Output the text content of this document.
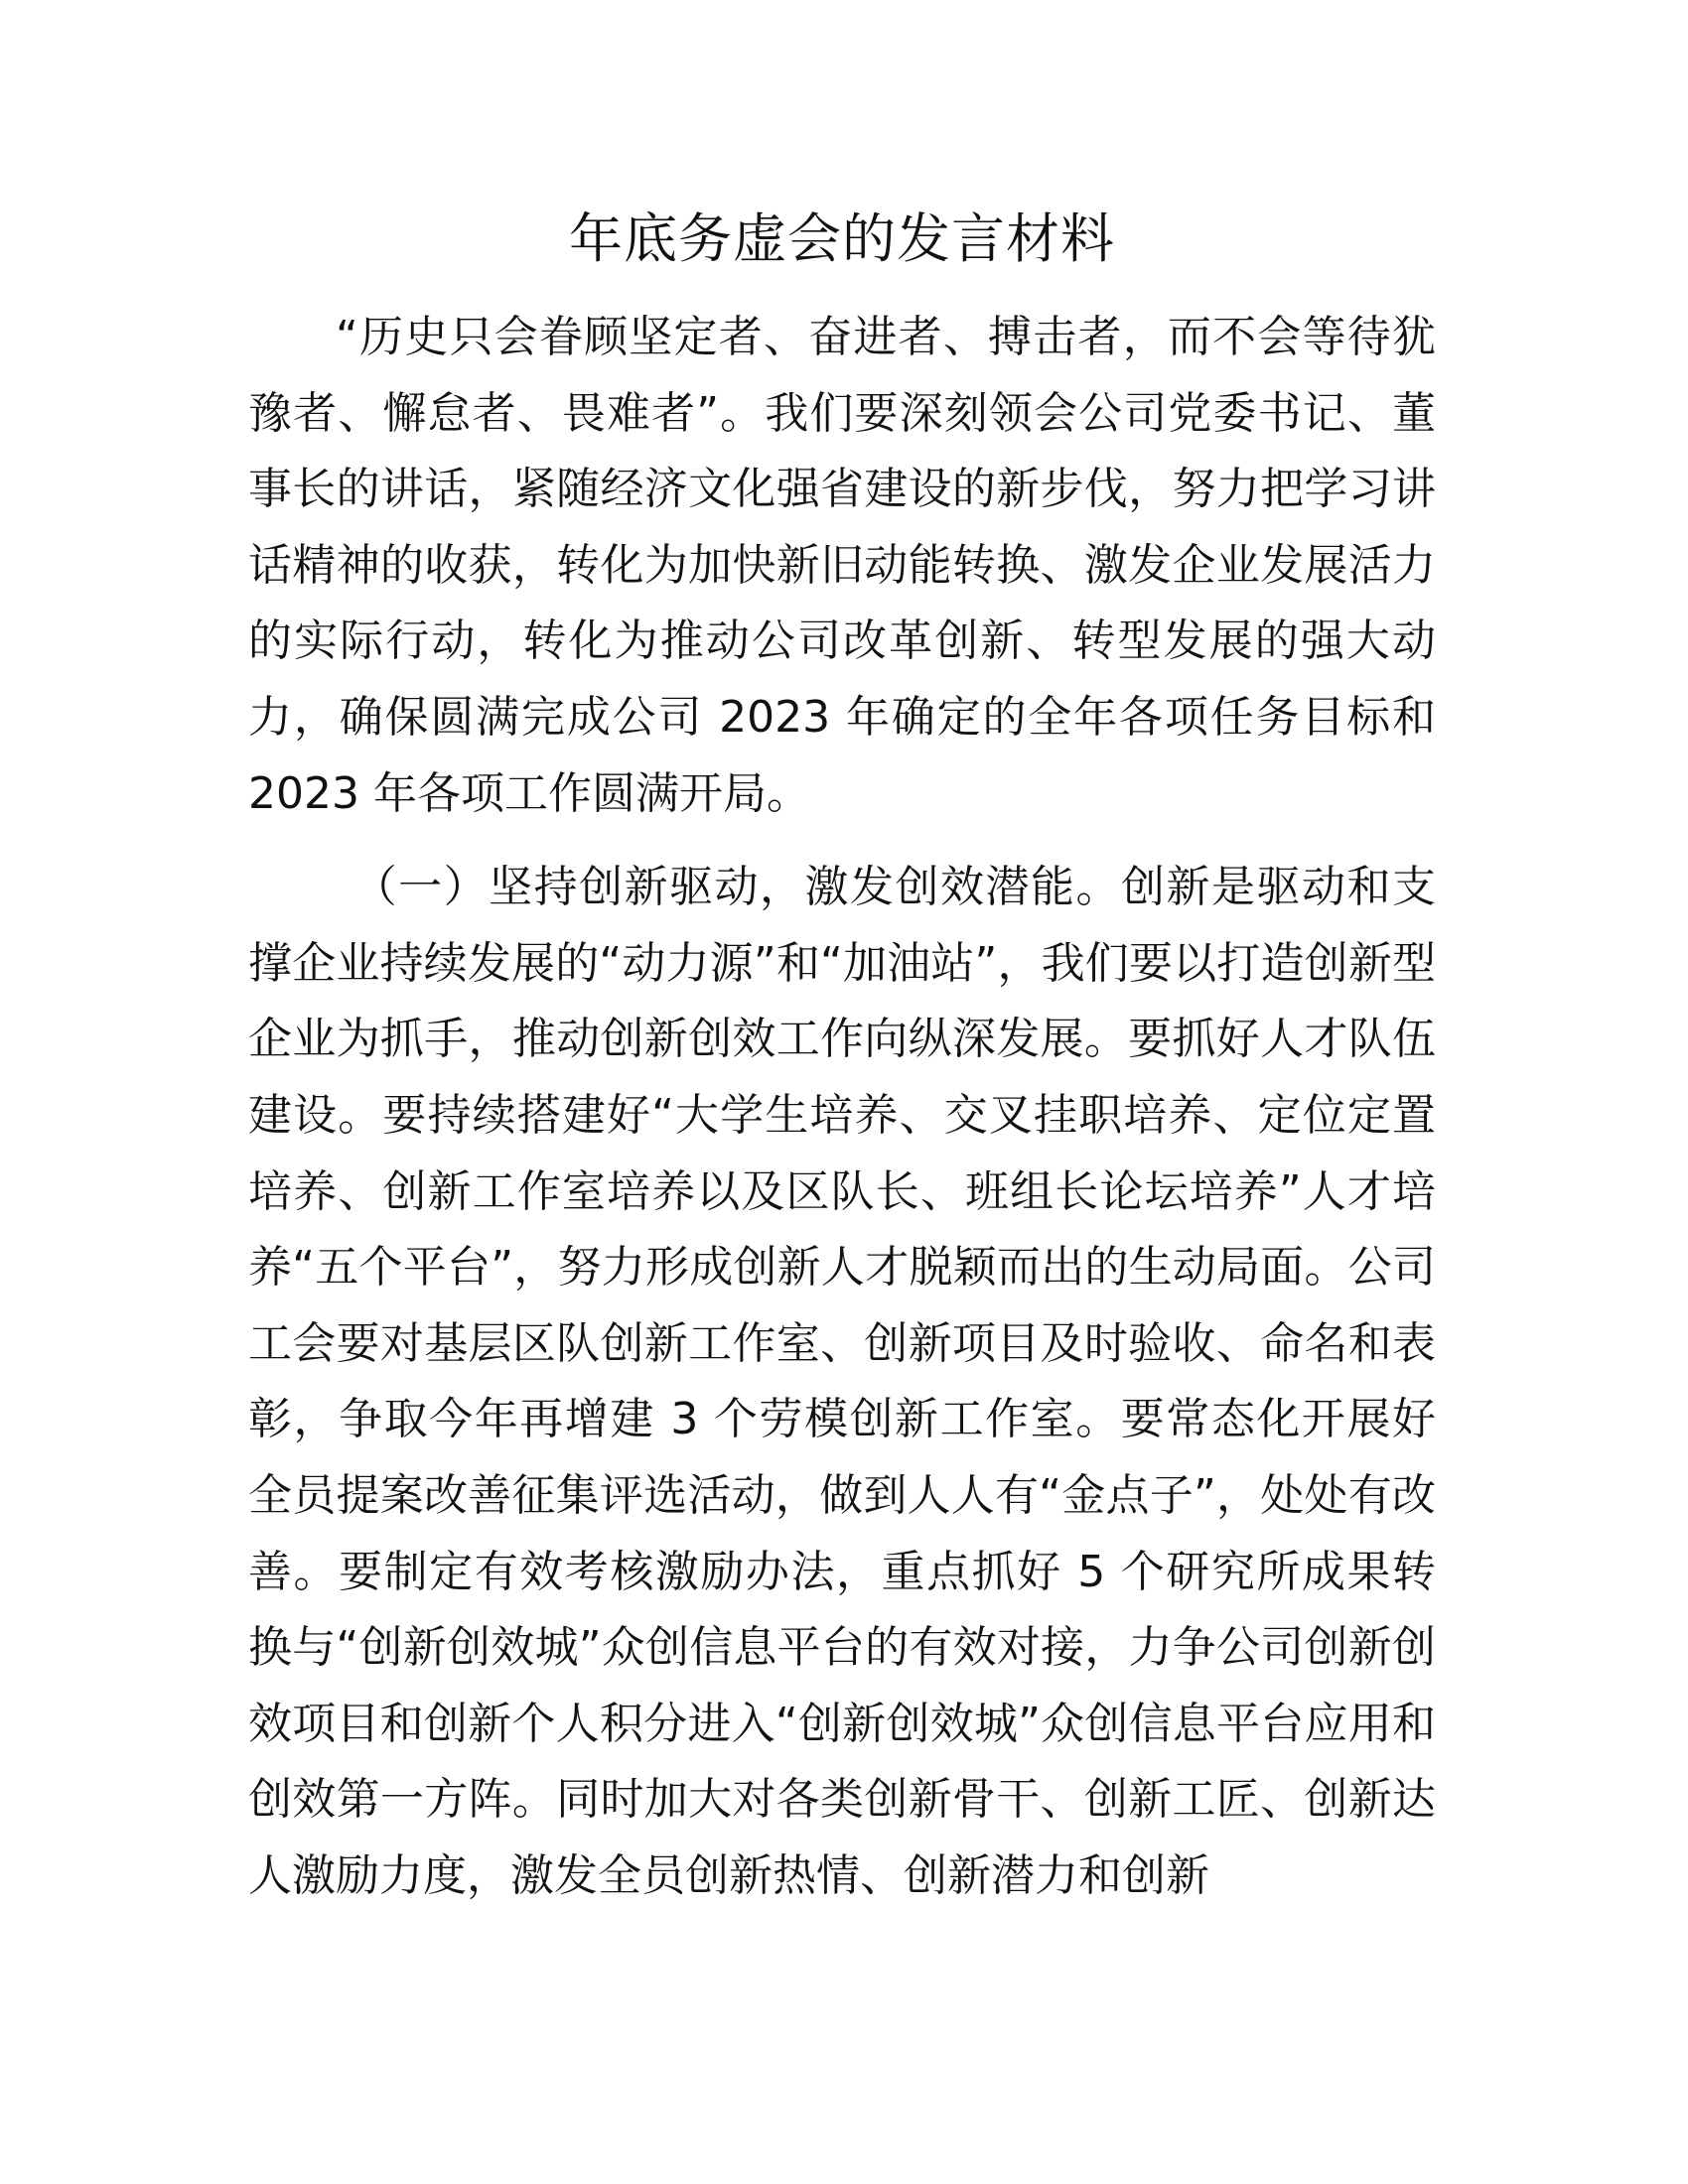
年底务虚会的发言材料

“历史只会眷顾坚定者、奋进者、搏击者，而不会等待犹豫者、懈怠者、畏难者”。我们要深刻领会公司党委书记、董事长的讲话，紧随经济文化强省建设的新步伐，努力把学习讲话精神的收获，转化为加快新旧动能转换、激发企业发展活力的实际行动，转化为推动公司改革创新、转型发展的强大动力，确保圆满完成公司 2023 年确定的全年各项任务目标和 2023 年各项工作圆满开局。

（一）坚持创新驱动，激发创效潜能。创新是驱动和支撑企业持续发展的“动力源”和“加油站”，我们要以打造创新型企业为抓手，推动创新创效工作向纵深发展。要抓好人才队伍建设。要持续搭建好“大学生培养、交叉挂职培养、定位定置培养、创新工作室培养以及区队长、班组长论坛培养”人才培养“五个平台”，努力形成创新人才脱颖而出的生动局面。公司工会要对基层区队创新工作室、创新项目及时验收、命名和表彰，争取今年再增建 3 个劳模创新工作室。要常态化开展好全员提案改善征集评选活动，做到人人有“金点子”，处处有改善。要制定有效考核激励办法，重点抓好 5 个研究所成果转换与“创新创效城”众创信息平台的有效对接，力争公司创新创效项目和创新个人积分进入“创新创效城”众创信息平台应用和创效第一方阵。同时加大对各类创新骨干、创新工匠、创新达人激励力度，激发全员创新热情、创新潜力和创新
